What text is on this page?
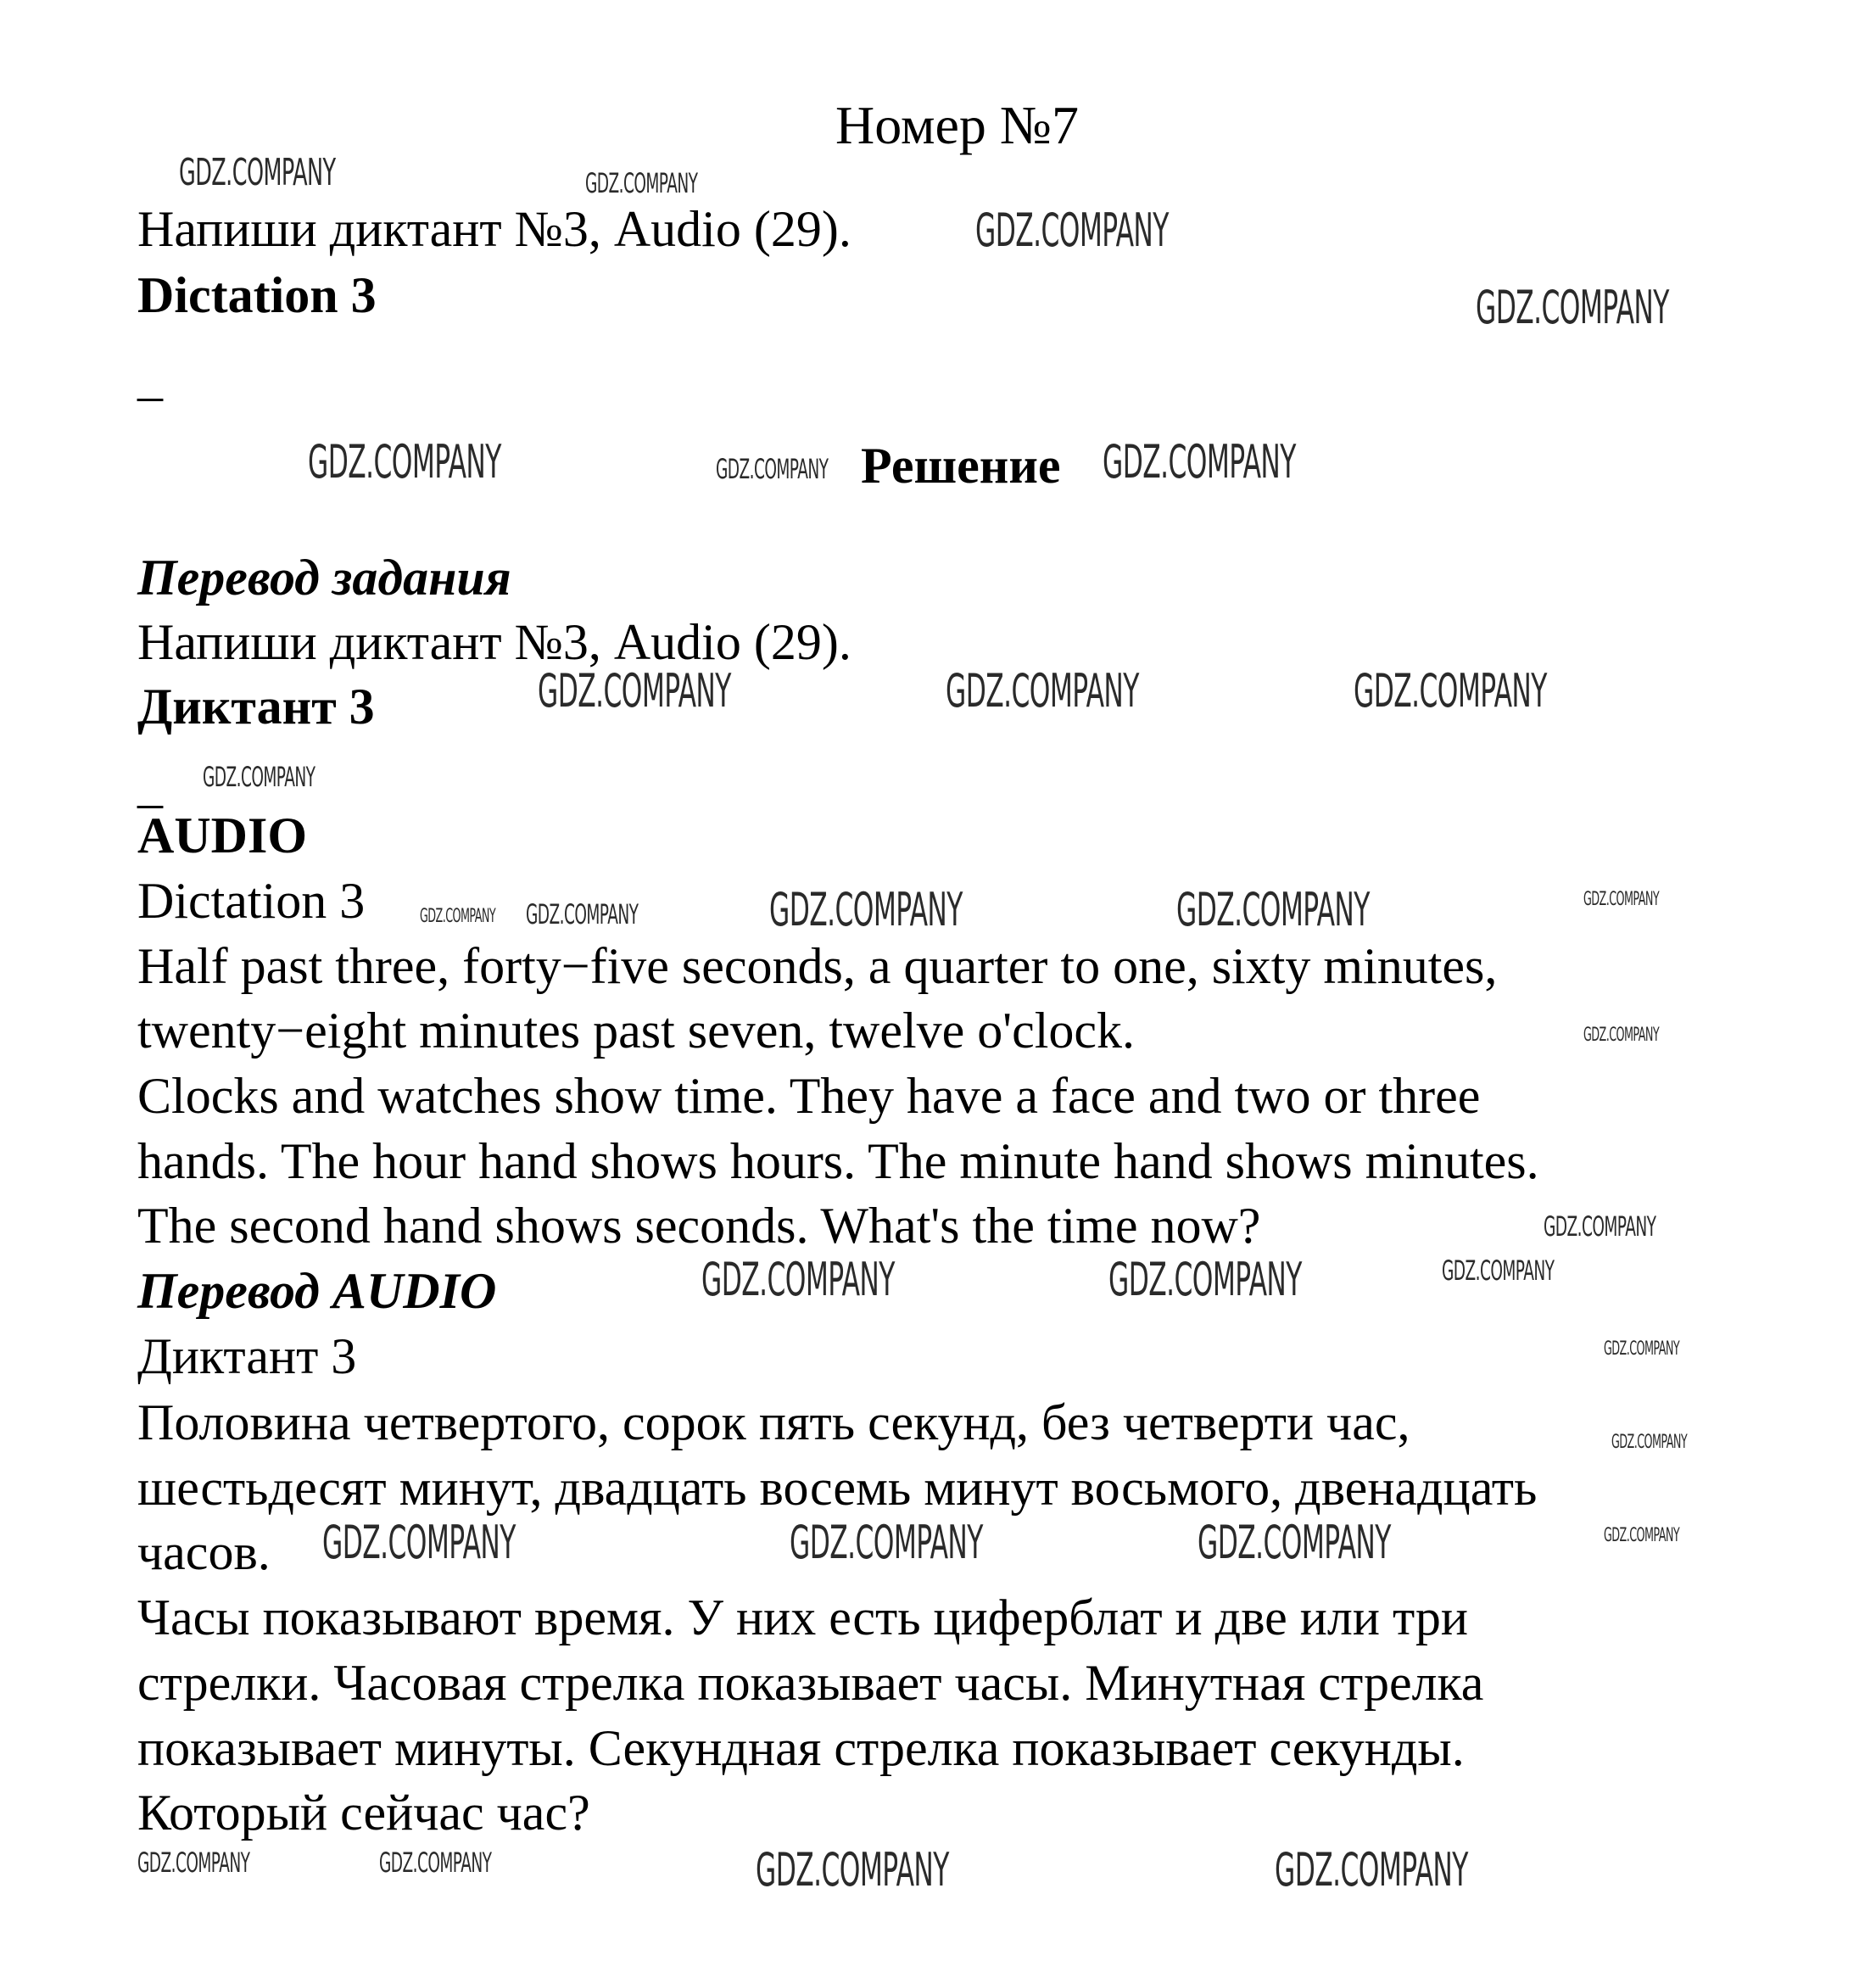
Номер №7
Напиши диктант №3, Audio (29).
Dictation 3
_
Решение
Перевод задания
Напиши диктант №3, Audio (29).
Диктант 3
_
AUDIO
Dictation 3
Half past three, forty−five seconds, a quarter to one, sixty minutes,
twenty−eight minutes past seven, twelve o'clock.
Clocks and watches show time. They have a face and two or three
hands. The hour hand shows hours. The minute hand shows minutes.
The second hand shows seconds. What's the time now?
Перевод AUDIO
Диктант 3
Половина четвертого, сорок пять секунд, без четверти час,
шестьдесят минут, двадцать восемь минут восьмого, двенадцать
часов.
Часы показывают время. У них есть циферблат и две или три
стрелки. Часовая стрелка показывает часы. Минутная стрелка
показывает минуты. Секундная стрелка показывает секунды.
Который сейчас час?
GDZ.COMPANY	GDZ.COMPANY
GDZ.COMPANY
GDZ.COMPANY
GDZ.COMPANY	GDZ.COMPANY	GDZ.COMPANY
GDZ.COMPANY	GDZ.COMPANY	GDZ.COMPANY
GDZ.COMPANY
GDZ.COMPANY GDZ.COMPANY	GDZ.COMPANY	GDZ.COMPANY	GDZ.COMPANY
GDZ.COMPANY
GDZ.COMPANY
GDZ.COMPANY
GDZ.COMPANY	GDZ.COMPANY
GDZ.COMPANY
GDZ.COMPANY
GDZ.COMPANY	GDZ.COMPANY	GDZ.COMPANY	GDZ.COMPANY
GDZ.COMPANY	GDZ.COMPANY	GDZ.COMPANY	GDZ.COMPANY
